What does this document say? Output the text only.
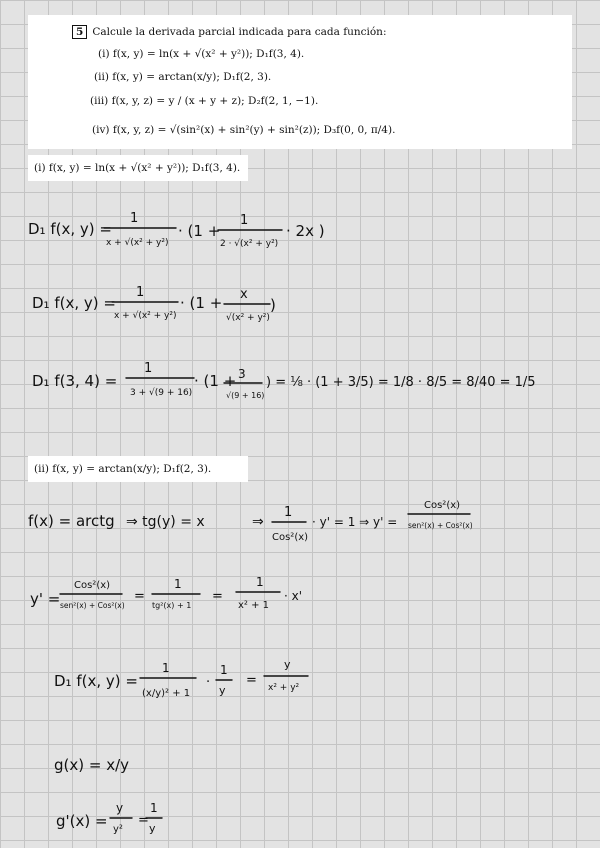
5 Calcule la derivada parcial indicada para cada función:
(i) f(x, y) = ln(x + √(x² + y²)); D₁f(3, 4).
(ii) f(x, y) = arctan(x/y); D₁f(2, 3).
(iii) f(x, y, z) = y / (x + y + z); D₂f(2, 1, −1).
(iv) f(x, y, z) = √(sin²(x) + sin²(y) + sin²(z)); D₃f(0, 0, π/4).
(i) f(x, y) = ln(x + √(x² + y²)); D₁f(3, 4).
(ii) f(x, y) = arctan(x/y); D₁f(2, 3).
D₁ f(x, y) =
1
x + √(x² + y²)
· (1 +
1
2 · √(x² + y²)
· 2x )
D₁ f(x, y) =
1
x + √(x² + y²)
· (1 + x
√(x² + y²)
)
D₁ f(3, 4) =
1
3 + √(9 + 16)
· (1 + 3
√(9 + 16)
) = ⅛ · (1 + 3/5) = 1/8 · 8/5 = 8/40 = 1/5
f(x) = arctg ⇒ tg(y) = x	⇒
1
Cos²(x)
· y' = 1 ⇒ y' =
Cos²(x)
sen²(x) + Cos²(x)
y' =
Cos²(x)
sen²(x) + Cos²(x)
=
1
tg²(x) + 1
=
1
x² + 1
· x'
D₁ f(x, y) =
1
(x/y)² + 1
·
1
y
=
y
x² + y²
g(x) = x/y
g'(x) =
y
y²
=
1
y
